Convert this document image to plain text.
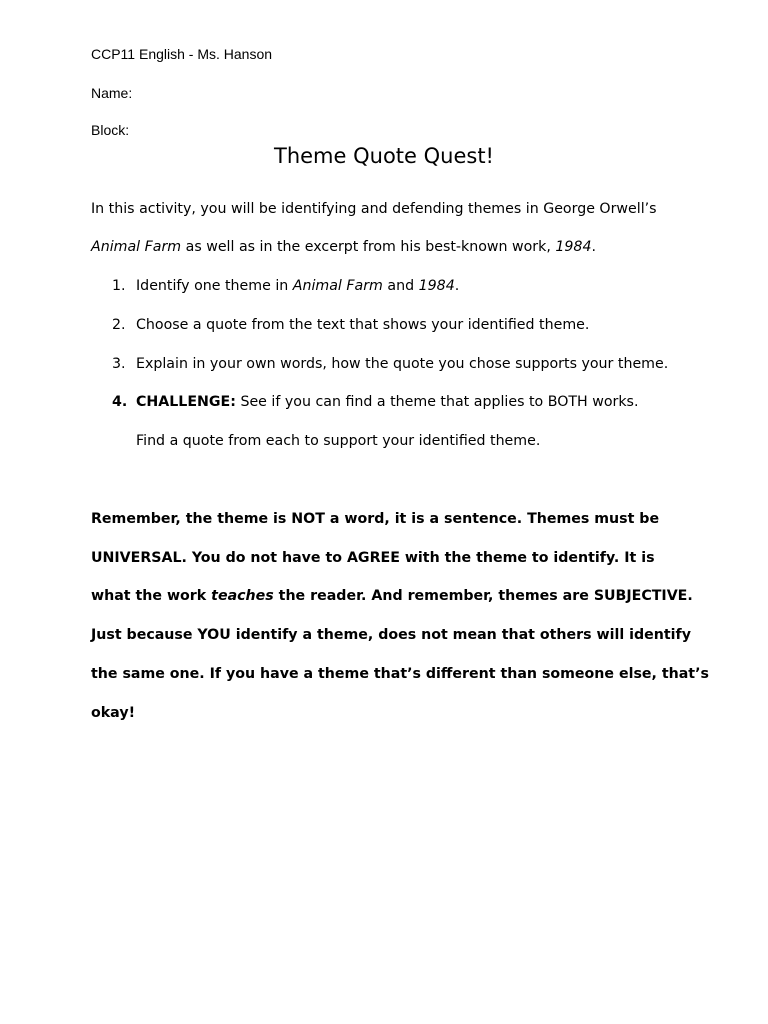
CCP11 English - Ms. Hanson
Name:
Block:
Theme Quote Quest!
In this activity, you will be identifying and defending themes in George Orwell’s
Animal Farm as well as in the excerpt from his best-known work, 1984.
1. Identify one theme in Animal Farm and 1984.
2. Choose a quote from the text that shows your identified theme.
3. Explain in your own words, how the quote you chose supports your theme.
4. CHALLENGE: See if you can find a theme that applies to BOTH works.
Find a quote from each to support your identified theme.
Remember, the theme is NOT a word, it is a sentence. Themes must be
UNIVERSAL. You do not have to AGREE with the theme to identify. It is
what the work teaches the reader. And remember, themes are SUBJECTIVE.
Just because YOU identify a theme, does not mean that others will identify
the same one. If you have a theme that’s different than someone else, that’s
okay!
